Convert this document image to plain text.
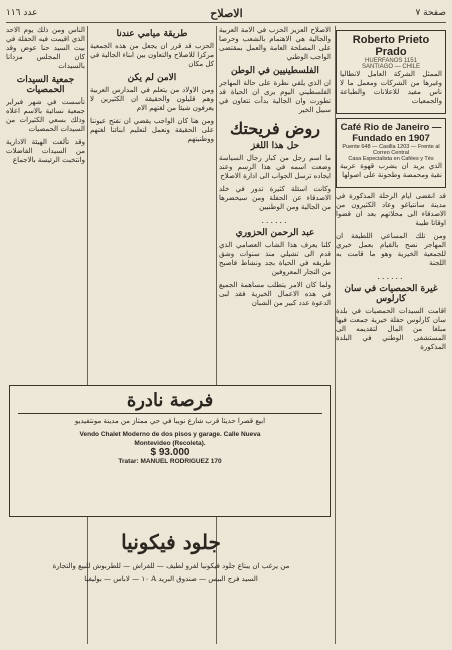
صفحة ٧
الاصلاح
عدد ١١٦
Roberto Prieto Prado
HUERFANOS 1151
SANTIAGO — CHILE

الممثل الشركة العامل لانطاليا وغيرها من الشركات ومعمل ما لا ناس مفيد للاعلانات والطباعة والجمعيات

Café Rio de Janeiro — Fundado en 1907
Puente 648 — Casilla 1203 — Frente al Correo Central
Casa Especialista en Cafées y Tés

الذي يريد ان يشرب قهوة عربية نقية ومحمصة وطحونة على اصولها

قد انقضى ايام الرحلة المذكورة في مدينة سانتياغو وعاد الكثيرون من الاصدقاء الى محلاتهم بعد ان قضوا اوقاتا طيبة

ومن تلك المساعي اللطيفة ان المهاجر نصح بالقيام بعمل خيري للجمعية الخيرية وهو ما قامت به اللجنة

......
غيرة الحمصيات في سان كارلوس

اقامت السيدات الحمصيات في بلدة سان كارلوس حفلة خيرية جمعت فيها مبلغا من المال لتقديمه الى المستشفى الوطني في البلدة المذكورة

الاصلاح العزيز الحزب في الامة العربية والجالية هي الاهتمام بالشعب وحرصا على المصلحة العامة والعمل بمقتضى الواجب الوطني

الفلسطينيين في الوطن

ان الذي يلقي نظرة على حالة المهاجر الفلسطيني اليوم يرى ان الحياة قد تطورت وان الجالية بدأت تتعاون في سبيل الخير

روض فريحتك
حل هذا اللغز

ما اسم رجل من كبار رجال السياسة وضعت اسمه في هذا الرسم وعند ايجاده ترسل الجواب الى ادارة الاصلاح

وكانت اسئلة كثيرة تدور في خلد الاصدقاء عن الحفلة ومن سيحضرها من الجالية ومن الوطنيين

......
عبد الرحمن الحزوري

كلنا يعرف هذا الشاب العصامي الذي قدم الى تشيلي منذ سنوات وشق طريقه في الحياة بجد ونشاط فاصبح من التجار المعروفين

ولما كان الامر يتطلب مساهمة الجميع في هذه الاعمال الخيرية فقد لبى الدعوة عدد كبير من الشبان

طريقة ميامي عندنا

الحزب قد قرر ان يجعل من هذه الجمعية مركزا للاصلاح والتعاون بين ابناء الجالية في كل مكان

الامن لم يكن

ومن الاولاد من يتعلم في المدارس العربية وهم قليلون والحقيقة ان الكثيرين لا يعرفون شيئا من لغتهم الام

ومن هنا كان الواجب يقضي ان نفتح عيوننا على الحقيقة ونعمل لتعليم ابنائنا لغتهم ووطنيتهم

الناس ومن ذلك يوم الاحد الذي اقيمت فيه الحفلة في بيت السيد حنا عوض وقد كان المجلس مزدانا بالسيدات

جمعية السيدات الحمصيات

تأسست في شهر فبراير جمعية نسائية بالاسم اعلاه وذلك بسعي الكثيرات من السيدات الحمصيات

وقد تألفت الهيئة الادارية من السيدات الفاضلات وانتخبت الرئيسة بالاجماع

فرصة نادرة

ابيع قصرا حديثا قرب شارع نويبا في حي ممتاز من مدينة مونتفيديو

Vendo Chalet Moderno de dos pisos y garage. Calle Nueva
Montevideo (Recoleta).
$ 93.000
Tratar: MANUEL RODRIGUEZ 170
جلود فيكونيا

من يرغب ان يبتاع جلود فيكونيا لفرو لطيف — للفراش — للطربوش للبيع والتجارة

السيد فرج البيس — صندوق البريد A ١٠ — لاباس — بوليفيا
